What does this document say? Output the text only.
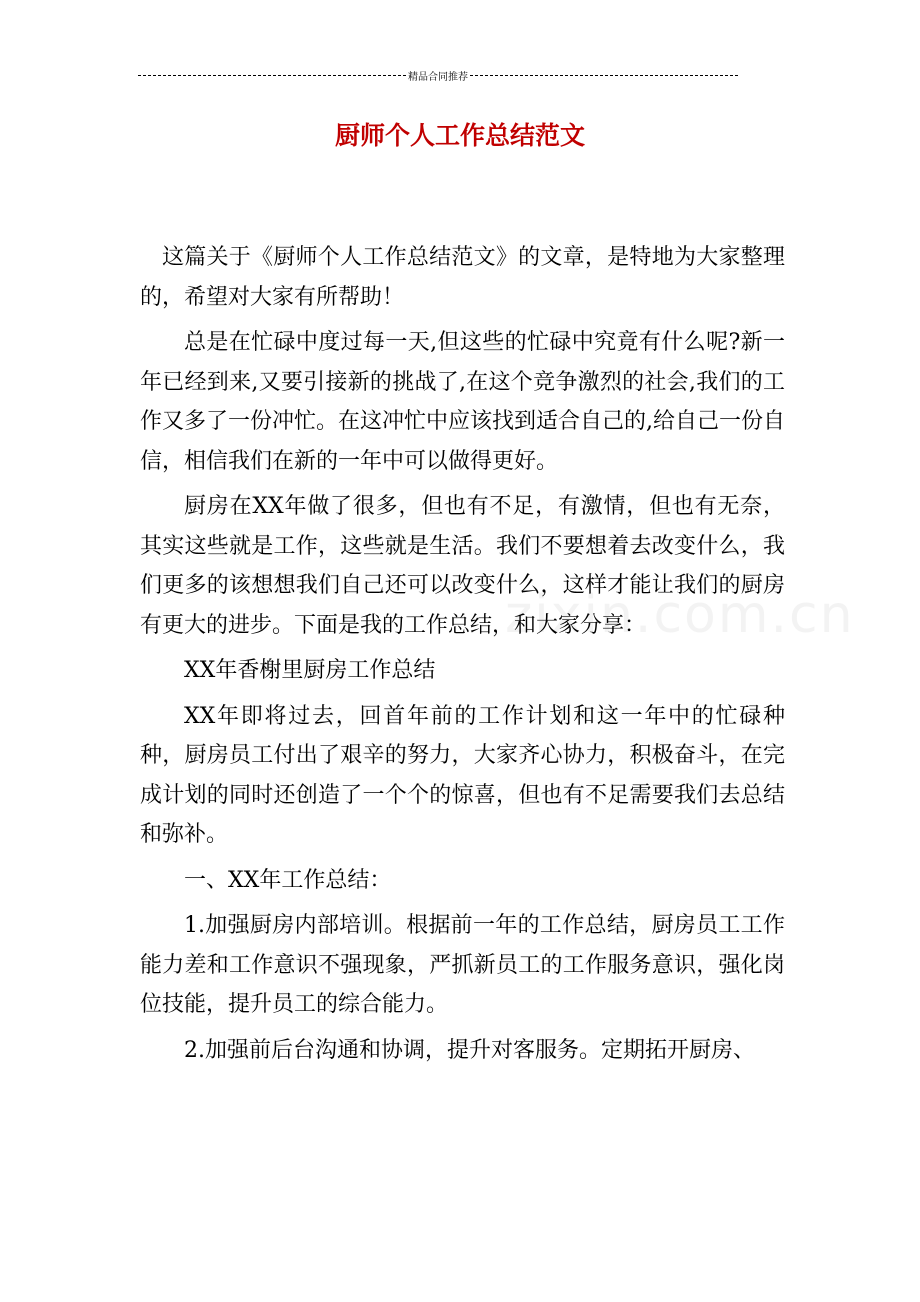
精品合同推荐
厨师个人工作总结范文
zixin.com.cn

这篇关于《厨师个人工作总结范文》的文章，是特地为大家整理的，希望对大家有所帮助！

总是在忙碌中度过每一天,但这些的忙碌中究竟有什么呢?新一年已经到来,又要引接新的挑战了,在这个竞争激烈的社会,我们的工作又多了一份冲忙。在这冲忙中应该找到适合自己的,给自己一份自信，相信我们在新的一年中可以做得更好。

厨房在XX年做了很多，但也有不足，有激情，但也有无奈，其实这些就是工作，这些就是生活。我们不要想着去改变什么，我们更多的该想想我们自己还可以改变什么，这样才能让我们的厨房有更大的进步。下面是我的工作总结，和大家分享：

XX年香榭里厨房工作总结

XX年即将过去，回首年前的工作计划和这一年中的忙碌种种，厨房员工付出了艰辛的努力，大家齐心协力，积极奋斗，在完成计划的同时还创造了一个个的惊喜，但也有不足需要我们去总结和弥补。

一、XX年工作总结：

1.加强厨房内部培训。根据前一年的工作总结，厨房员工工作能力差和工作意识不强现象，严抓新员工的工作服务意识，强化岗位技能，提升员工的综合能力。

2.加强前后台沟通和协调，提升对客服务。定期拓开厨房、
